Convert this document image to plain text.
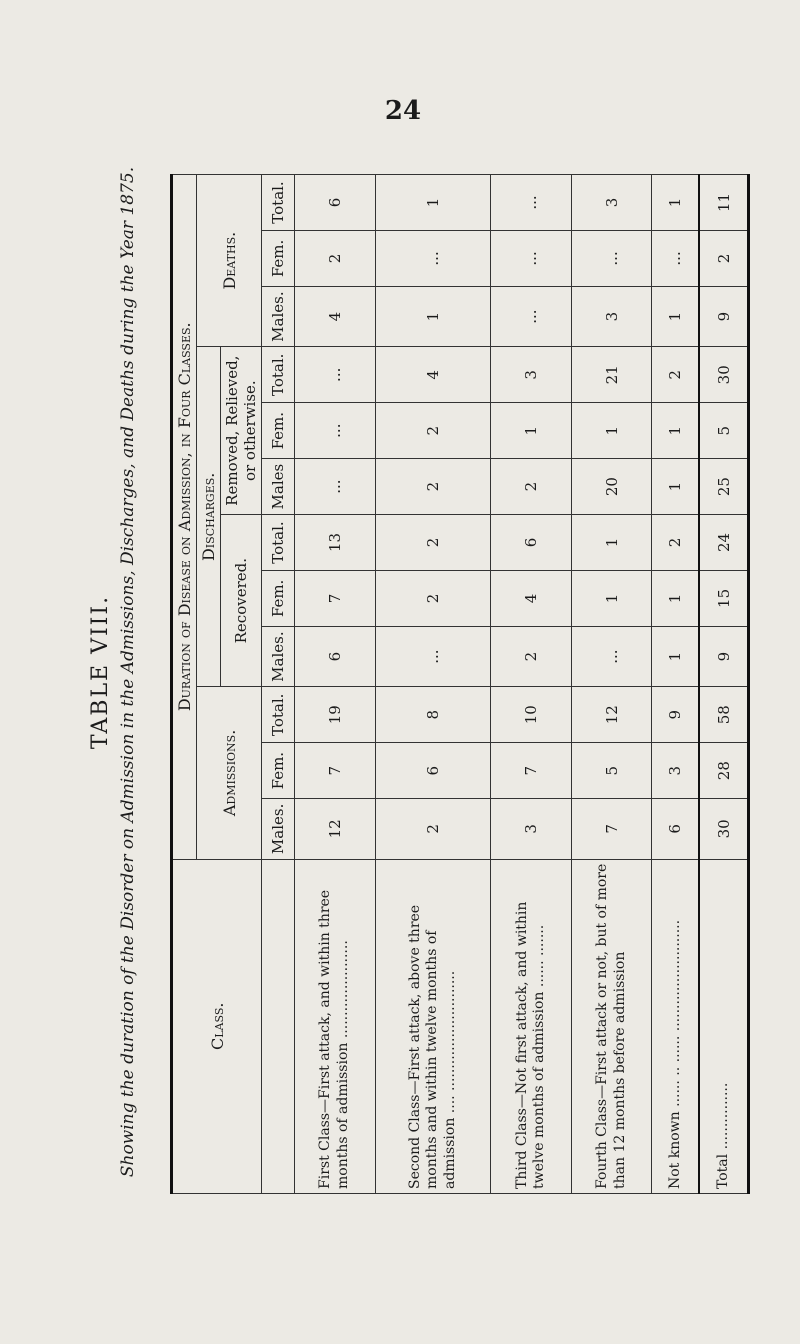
24
TABLE VIII. Showing the duration of the Disorder on Admission in the Admissions, Discharges, and Deaths during the Year 1875.	Class.	Duration of Disease on Admission, in Four Classes.											
	Admissions.			Discharges.						Deaths.		
				Recovered.			Removed, Relieved, or otherwise.					
	Males.	Fem.	Total.	Males.	Fem.	Total.	Males	Fem.	Total.	Males.	Fem.	Total.
First Class—First attack, and within three months of admission ......................	12	7	19	6	7	13	...	...	...	4	2	6
Second Class—First attack, above three months and within twelve months of admission .... ...........................	2	6	8	...	2	2	2	2	4	1	...	1
Third Class—Not first attack, and within twelve months of admission ...... .......	3	7	10	2	4	6	2	1	3	...	...	...
Fourth Class—First attack or not, but of more than 12 months before admission	7	5	12	...	1	1	20	1	21	3	...	3
Not known ...... .. ...... .........................	6	3	9	1	1	2	1	1	2	1	...	1
Total ...............	30	28	58	9	15	24	25	5	30	9	2	11
